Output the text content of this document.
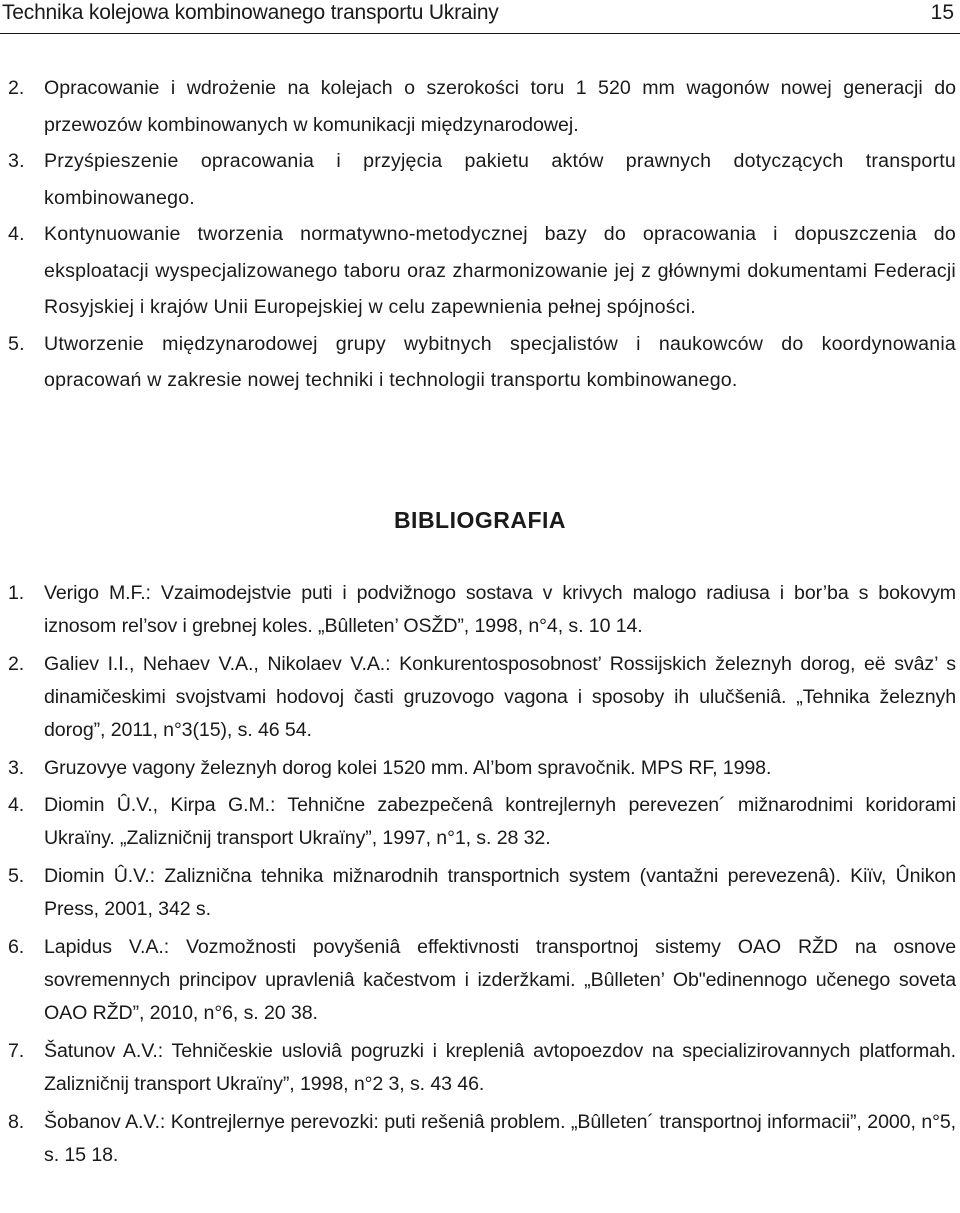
Technika kolejowa kombinowanego transportu Ukrainy	15
2. Opracowanie i wdrożenie na kolejach o szerokości toru 1 520 mm wagonów nowej generacji do przewozów kombinowanych w komunikacji międzynarodowej.
3. Przyśpieszenie opracowania i przyjęcia pakietu aktów prawnych dotyczących transportu kombinowanego.
4. Kontynuowanie tworzenia normatywno-metodycznej bazy do opracowania i dopuszczenia do eksploatacji wyspecjalizowanego taboru oraz zharmonizowanie jej z głównymi dokumentami Federacji Rosyjskiej i krajów Unii Europejskiej w celu zapewnienia pełnej spójności.
5. Utworzenie międzynarodowej grupy wybitnych specjalistów i naukowców do koordynowania opracowań w zakresie nowej techniki i technologii transportu kombinowanego.
BIBLIOGRAFIA
1. Verigo M.F.: Vzaimodejstvie puti i podvižnogo sostava v krivych malogo radiusa i bor’ba s bokovym iznosom rel’sov i grebnej koles. „Bûlleten’ OSŽD”, 1998, n°4, s. 10 14.
2. Galiev I.I., Nehaev V.A., Nikolaev V.A.: Konkurentosposobnost’ Rossijskich železnyh dorog, eë svâz’ s dinamičeskimi svojstvami hodovoj časti gruzovogo vagona i sposoby ih ulučšeniâ. „Tehnika železnyh dorog”, 2011, n°3(15), s. 46 54.
3. Gruzovye vagony železnyh dorog kolei 1520 mm. Al’bom spravočnik. MPS RF, 1998.
4. Diomin Û.V., Kirpa G.M.: Tehnične zabezpečenâ kontrejlernyh perevezen´ mižnarodnimi koridorami Ukraïny. „Zalizničnij transport Ukraïny”, 1997, n°1, s. 28 32.
5. Diomin Û.V.: Zaliznična tehnika mižnarodnih transportnich system (vantažni perevezenâ). Kiïv, Ûnikon Press, 2001, 342 s.
6. Lapidus V.A.: Vozmožnosti povyšeniâ effektivnosti transportnoj sistemy OAO RŽD na osnove sovremennych principov upravleniâ kačestvom i izderžkami. „Bûlleten’ Ob"edinennogo učenego soveta OAO RŽD”, 2010, n°6, s. 20 38.
7. Šatunov A.V.: Tehničeskie usloviâ pogruzki i krepleniâ avtopoezdov na specializirovannych platformah. Zalizničnij transport Ukraïny”, 1998, n°2 3, s. 43 46.
8. Šobanov A.V.: Kontrejlernye perevozki: puti rešeniâ problem. „Bûlleten´ transportnoj informacii”, 2000, n°5, s. 15 18.
